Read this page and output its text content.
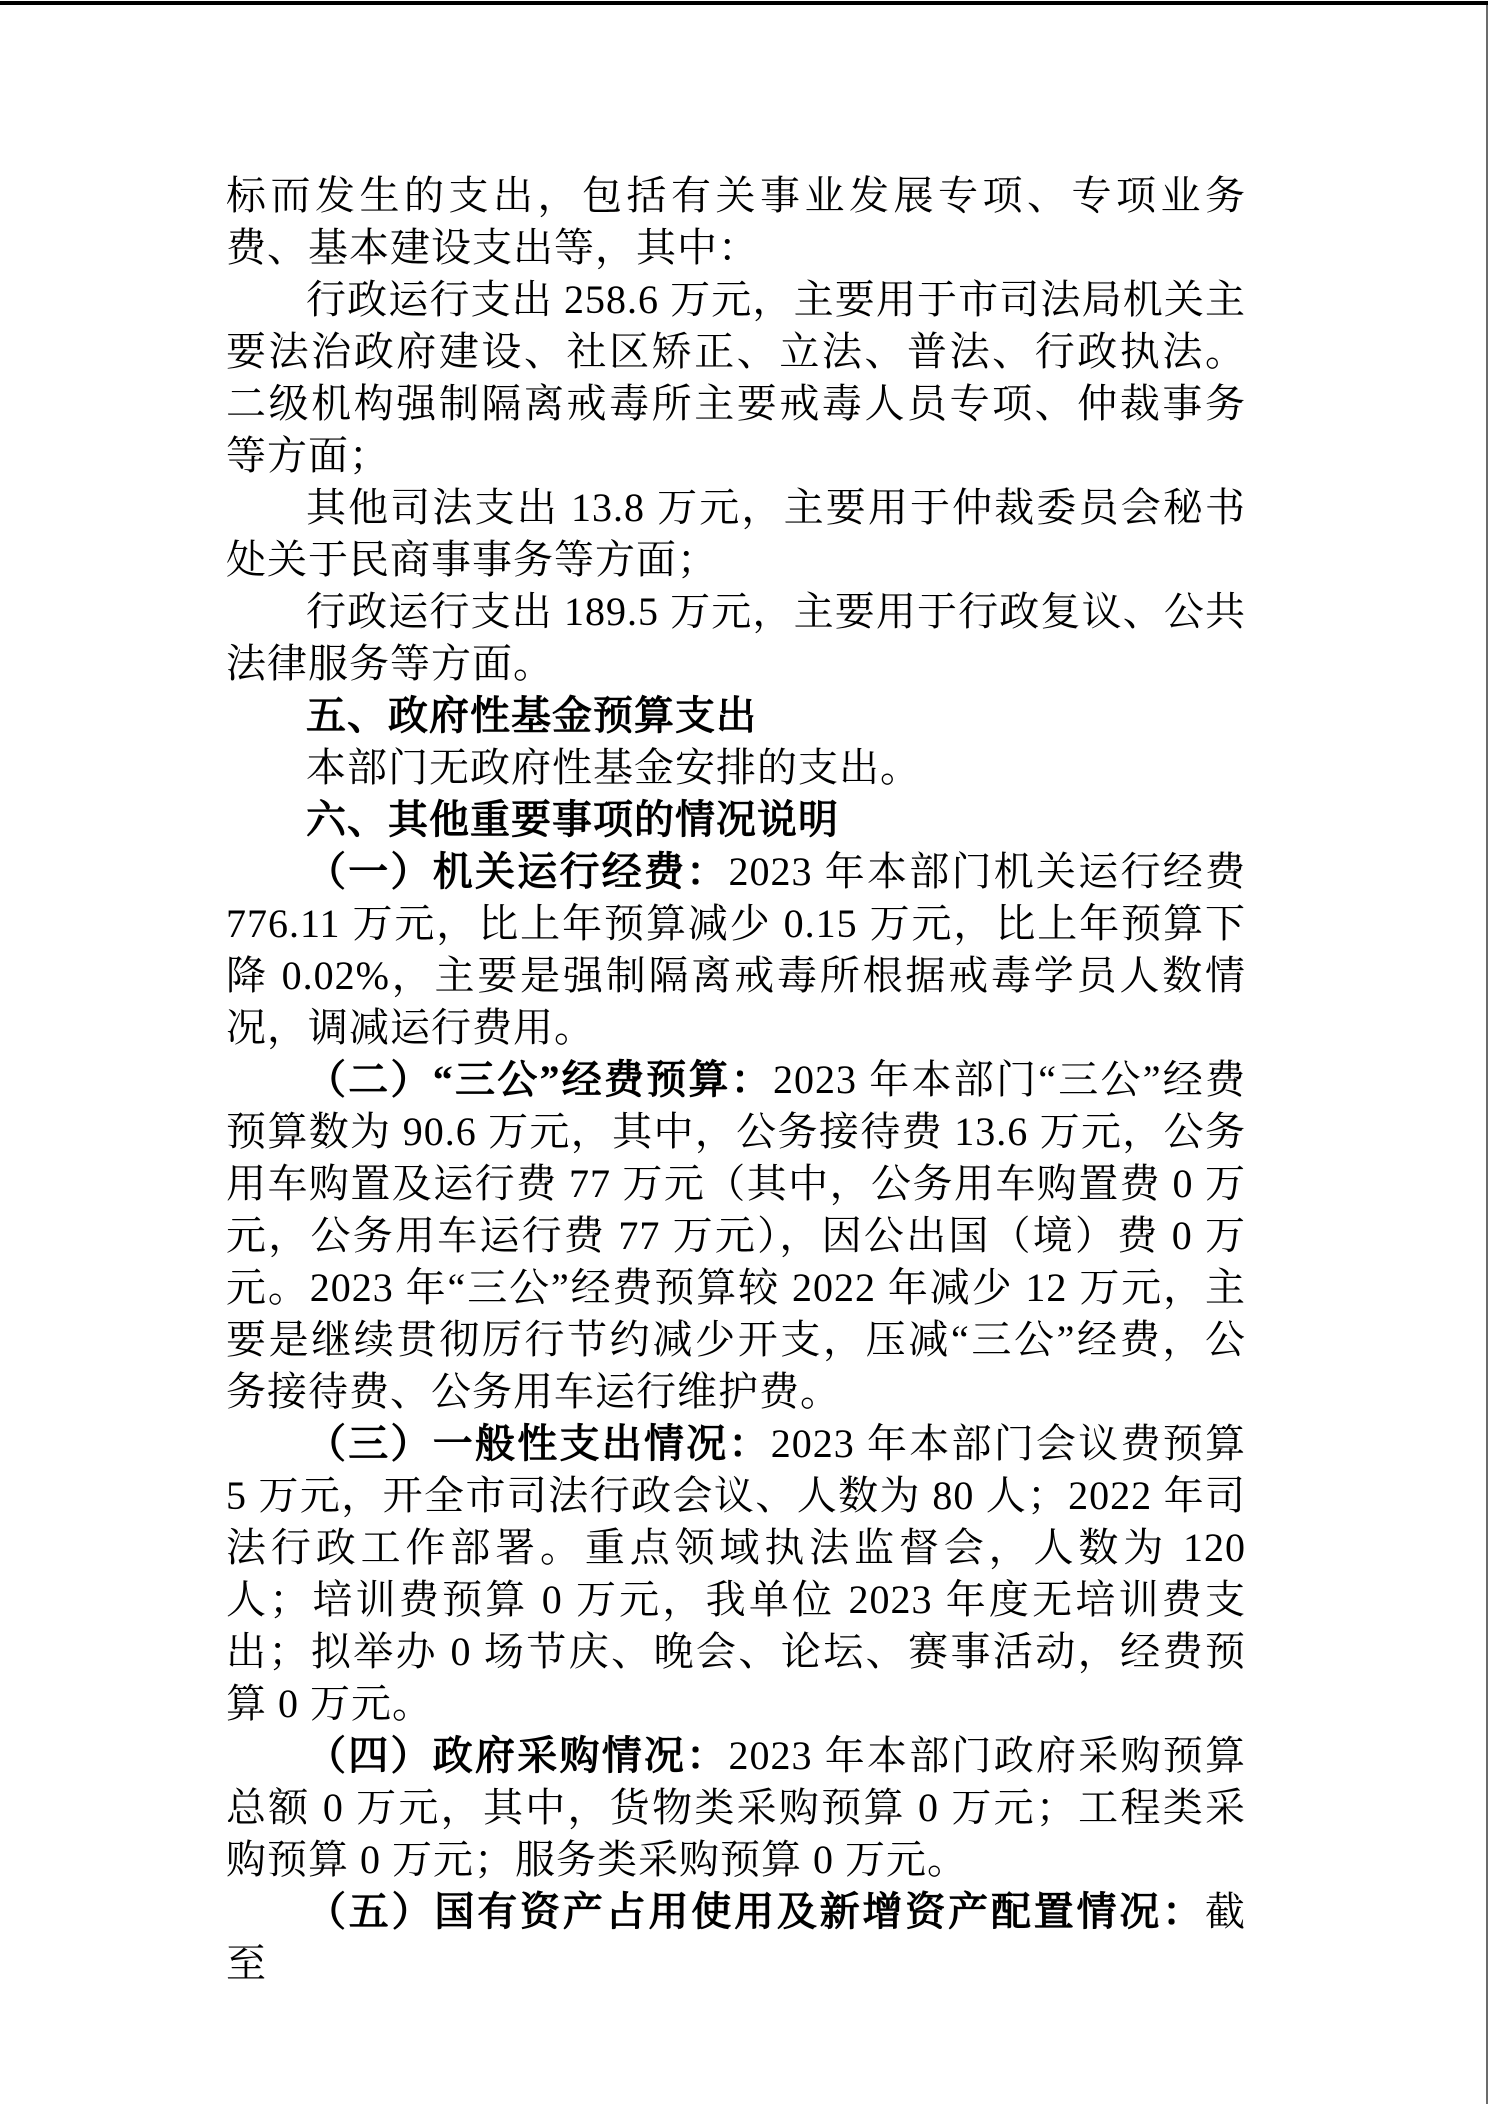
标而发生的支出，包括有关事业发展专项、专项业务费、基本建设支出等，其中：

行政运行支出 258.6 万元，主要用于市司法局机关主要法治政府建设、社区矫正、立法、普法、行政执法。二级机构强制隔离戒毒所主要戒毒人员专项、仲裁事务等方面；

其他司法支出 13.8 万元，主要用于仲裁委员会秘书处关于民商事事务等方面；

行政运行支出 189.5 万元，主要用于行政复议、公共法律服务等方面。

五、政府性基金预算支出

本部门无政府性基金安排的支出。

六、其他重要事项的情况说明

（一）机关运行经费：2023 年本部门机关运行经费 776.11 万元，比上年预算减少 0.15 万元，比上年预算下降 0.02%，主要是强制隔离戒毒所根据戒毒学员人数情况，调减运行费用。

（二）“三公”经费预算：2023 年本部门“三公”经费预算数为 90.6 万元，其中，公务接待费 13.6 万元，公务用车购置及运行费 77 万元（其中，公务用车购置费 0 万元，公务用车运行费 77 万元），因公出国（境）费 0 万元。2023 年“三公”经费预算较 2022 年减少 12 万元，主要是继续贯彻厉行节约减少开支，压减“三公”经费，公务接待费、公务用车运行维护费。

（三）一般性支出情况：2023 年本部门会议费预算 5 万元，开全市司法行政会议、人数为 80 人；2022 年司法行政工作部署。重点领域执法监督会，人数为 120 人；培训费预算 0 万元，我单位 2023 年度无培训费支出；拟举办 0 场节庆、晚会、论坛、赛事活动，经费预算 0 万元。

（四）政府采购情况：2023 年本部门政府采购预算总额 0 万元，其中，货物类采购预算 0 万元；工程类采购预算 0 万元；服务类采购预算 0 万元。

（五）国有资产占用使用及新增资产配置情况：截至
